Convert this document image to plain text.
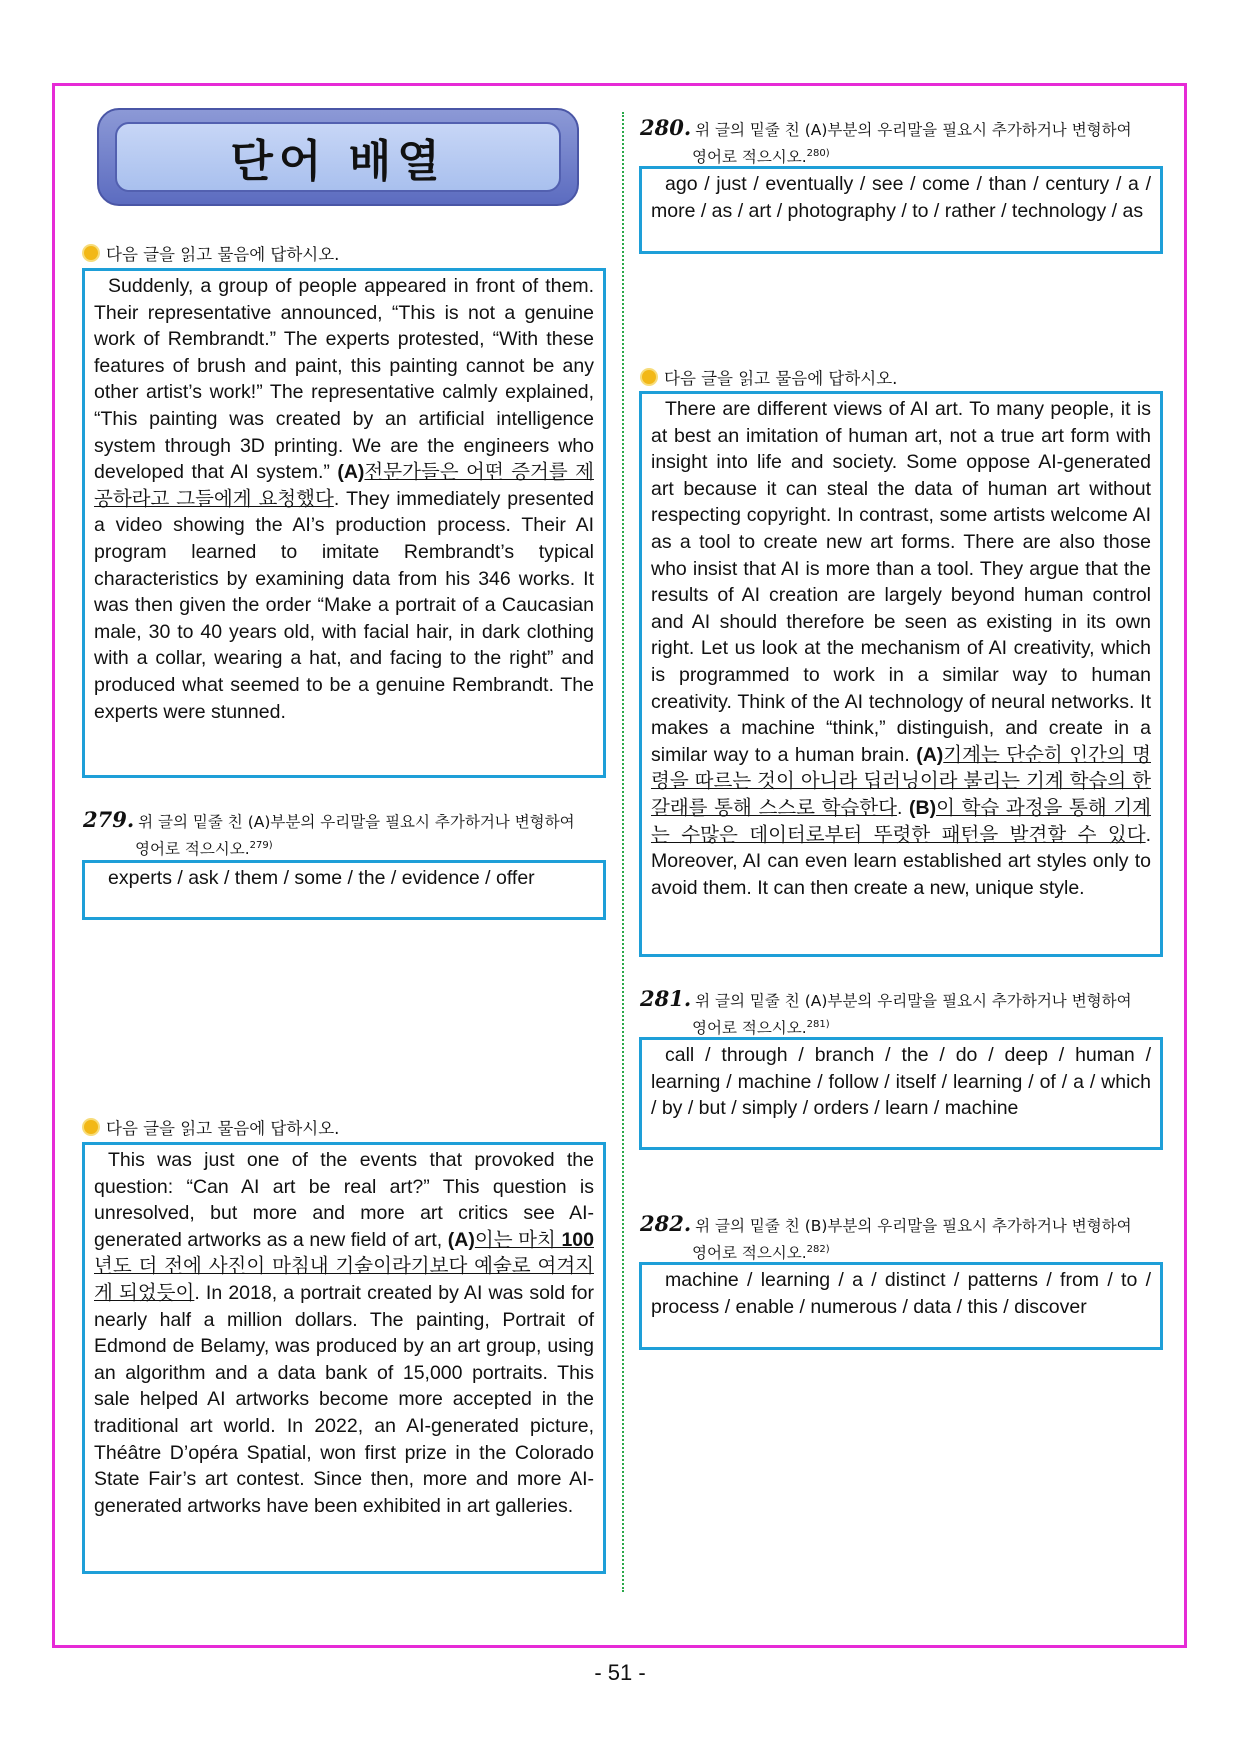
단어 배열
다음 글을 읽고 물음에 답하시오.
Suddenly, a group of people appeared in front of them. Their representative announced, “This is not a genuine work of Rembrandt.” The experts protested, “With these features of brush and paint, this painting cannot be any other artist’s work!” The representative calmly explained, “This painting was created by an artificial intelligence system through 3D printing. We are the engineers who developed that AI system.” (A)전문가들은 어떤 증거를 제공하라고 그들에게 요청했다. They immediately presented a video showing the AI’s production process. Their AI program learned to imitate Rembrandt’s typical characteristics by examining data from his 346 works. It was then given the order “Make a portrait of a Caucasian male, 30 to 40 years old, with facial hair, in dark clothing with a collar, wearing a hat, and facing to the right” and produced what seemed to be a genuine Rembrandt. The experts were stunned.
279. 위 글의 밑줄 친 (A)부분의 우리말을 필요시 추가하거나 변형하여
영어로 적으시오.$^{279)}$
experts / ask / them / some / the / evidence / offer
다음 글을 읽고 물음에 답하시오.
This was just one of the events that provoked the question: “Can AI art be real art?” This question is unresolved, but more and more art critics see AI-generated artworks as a new field of art, (A)이는 마치 100년도 더 전에 사진이 마침내 기술이라기보다 예술로 여겨지게 되었듯이. In 2018, a portrait created by AI was sold for nearly half a million dollars. The painting, Portrait of Edmond de Belamy, was produced by an art group, using an algorithm and a data bank of 15,000 portraits. This sale helped AI artworks become more accepted in the traditional art world. In 2022, an AI-generated picture, Théâtre D’opéra Spatial, won first prize in the Colorado State Fair’s art contest. Since then, more and more AI-generated artworks have been exhibited in art galleries.
280. 위 글의 밑줄 친 (A)부분의 우리말을 필요시 추가하거나 변형하여
영어로 적으시오.$^{280)}$
ago / just / eventually / see / come / than / century / a / more / as / art / photography / to / rather / technology / as
다음 글을 읽고 물음에 답하시오.
There are different views of AI art. To many people, it is at best an imitation of human art, not a true art form with insight into life and society. Some oppose AI-generated art because it can steal the data of human art without respecting copyright. In contrast, some artists welcome AI as a tool to create new art forms. There are also those who insist that AI is more than a tool. They argue that the results of AI creation are largely beyond human control and AI should therefore be seen as existing in its own right. Let us look at the mechanism of AI creativity, which is programmed to work in a similar way to human creativity. Think of the AI technology of neural networks. It makes a machine “think,” distinguish, and create in a similar way to a human brain. (A)기계는 단순히 인간의 명령을 따르는 것이 아니라 딥러닝이라 불리는 기계 학습의 한 갈래를 통해 스스로 학습한다. (B)이 학습 과정을 통해 기계는 수많은 데이터로부터 뚜렷한 패턴을 발견할 수 있다. Moreover, AI can even learn established art styles only to avoid them. It can then create a new, unique style.
281. 위 글의 밑줄 친 (A)부분의 우리말을 필요시 추가하거나 변형하여
영어로 적으시오.$^{281)}$
call / through / branch / the / do / deep / human / learning / machine / follow / itself / learning / of / a / which / by / but / simply / orders / learn / machine
282. 위 글의 밑줄 친 (B)부분의 우리말을 필요시 추가하거나 변형하여
영어로 적으시오.$^{282)}$
machine / learning / a / distinct / patterns / from / to / process / enable / numerous / data / this / discover
- 51 -
